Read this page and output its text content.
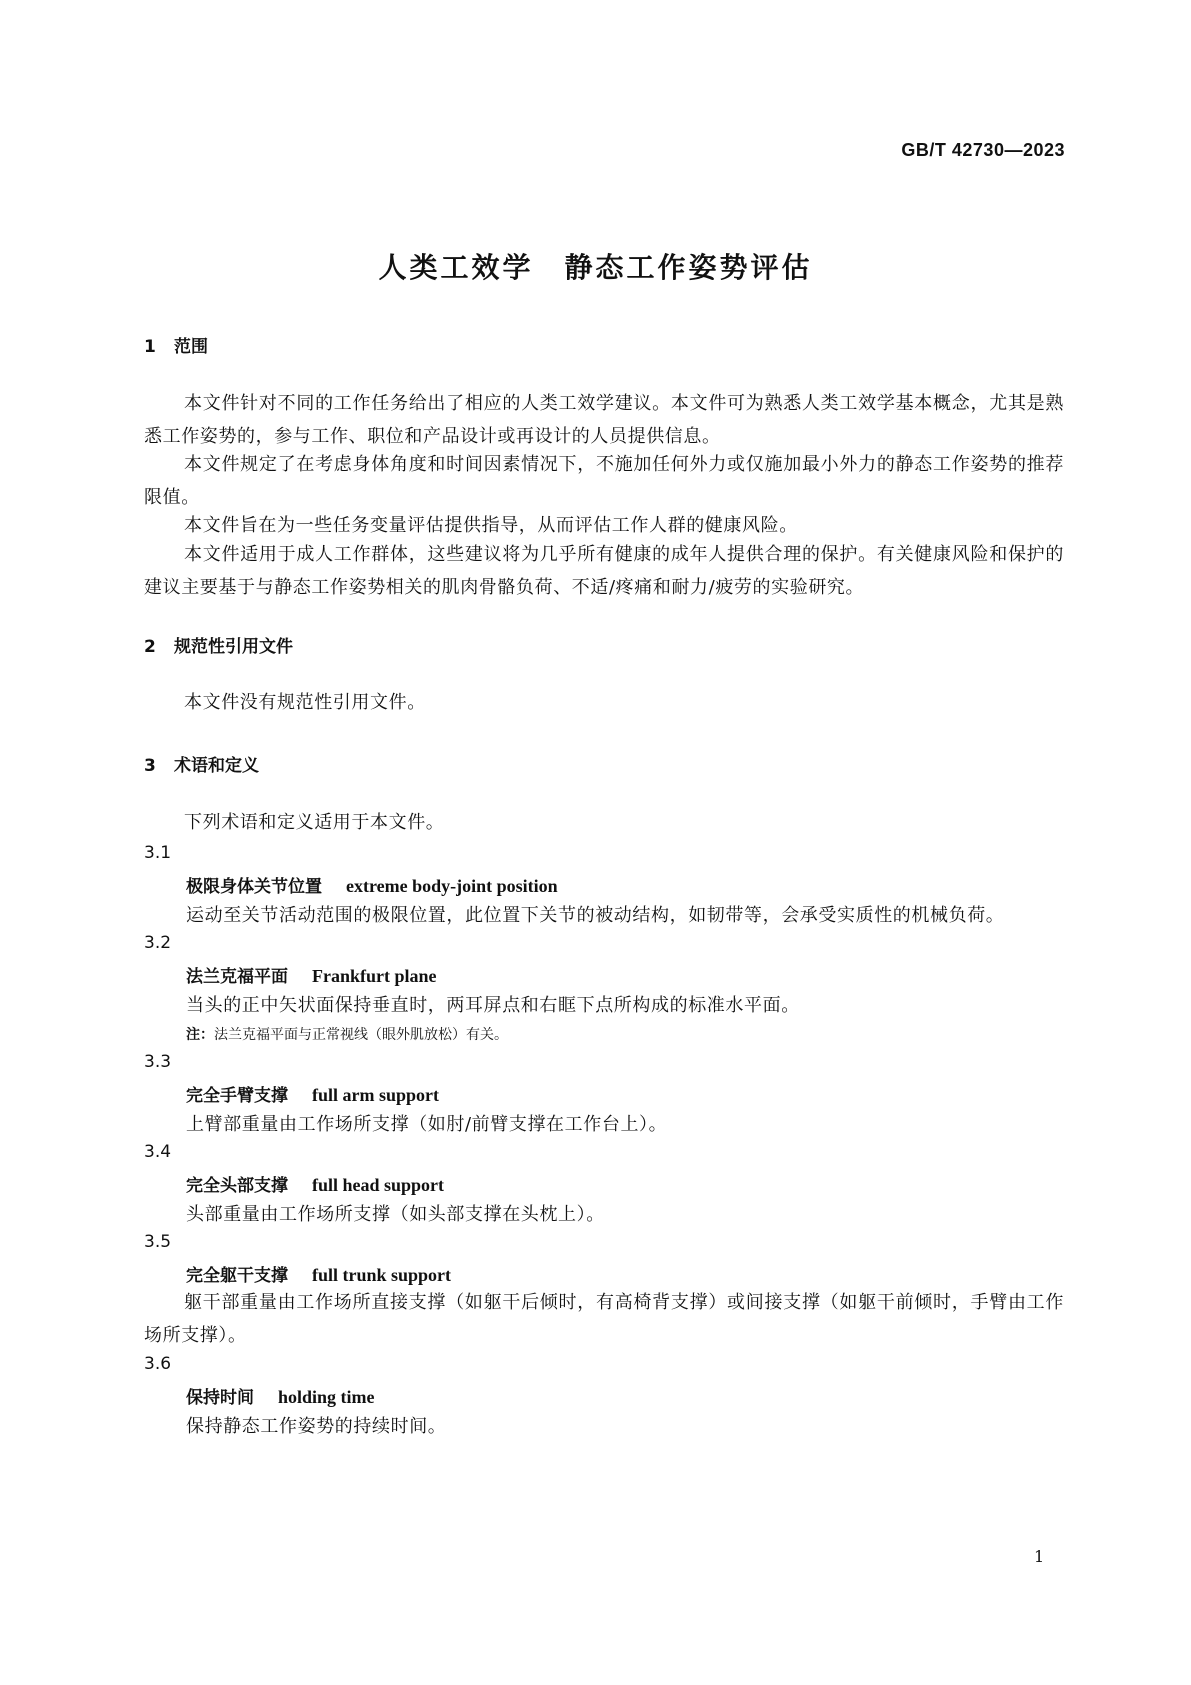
GB/T 42730—2023
人类工效学　静态工作姿势评估
1 范围
本文件针对不同的工作任务给出了相应的人类工效学建议。本文件可为熟悉人类工效学基本概念，尤其是熟悉工作姿势的，参与工作、职位和产品设计或再设计的人员提供信息。
本文件规定了在考虑身体角度和时间因素情况下，不施加任何外力或仅施加最小外力的静态工作姿势的推荐限值。
本文件旨在为一些任务变量评估提供指导，从而评估工作人群的健康风险。
本文件适用于成人工作群体，这些建议将为几乎所有健康的成年人提供合理的保护。有关健康风险和保护的建议主要基于与静态工作姿势相关的肌肉骨骼负荷、不适/疼痛和耐力/疲劳的实验研究。
2 规范性引用文件
本文件没有规范性引用文件。
3 术语和定义
下列术语和定义适用于本文件。
3.1
极限身体关节位置 extreme body-joint position
运动至关节活动范围的极限位置，此位置下关节的被动结构，如韧带等，会承受实质性的机械负荷。
3.2
法兰克福平面 Frankfurt plane
当头的正中矢状面保持垂直时，两耳屏点和右眶下点所构成的标准水平面。
注：法兰克福平面与正常视线（眼外肌放松）有关。
3.3
完全手臂支撑 full arm support
上臂部重量由工作场所支撑（如肘/前臂支撑在工作台上）。
3.4
完全头部支撑 full head support
头部重量由工作场所支撑（如头部支撑在头枕上）。
3.5
完全躯干支撑 full trunk support
躯干部重量由工作场所直接支撑（如躯干后倾时，有高椅背支撑）或间接支撑（如躯干前倾时，手臂由工作场所支撑）。
3.6
保持时间 holding time
保持静态工作姿势的持续时间。
1
